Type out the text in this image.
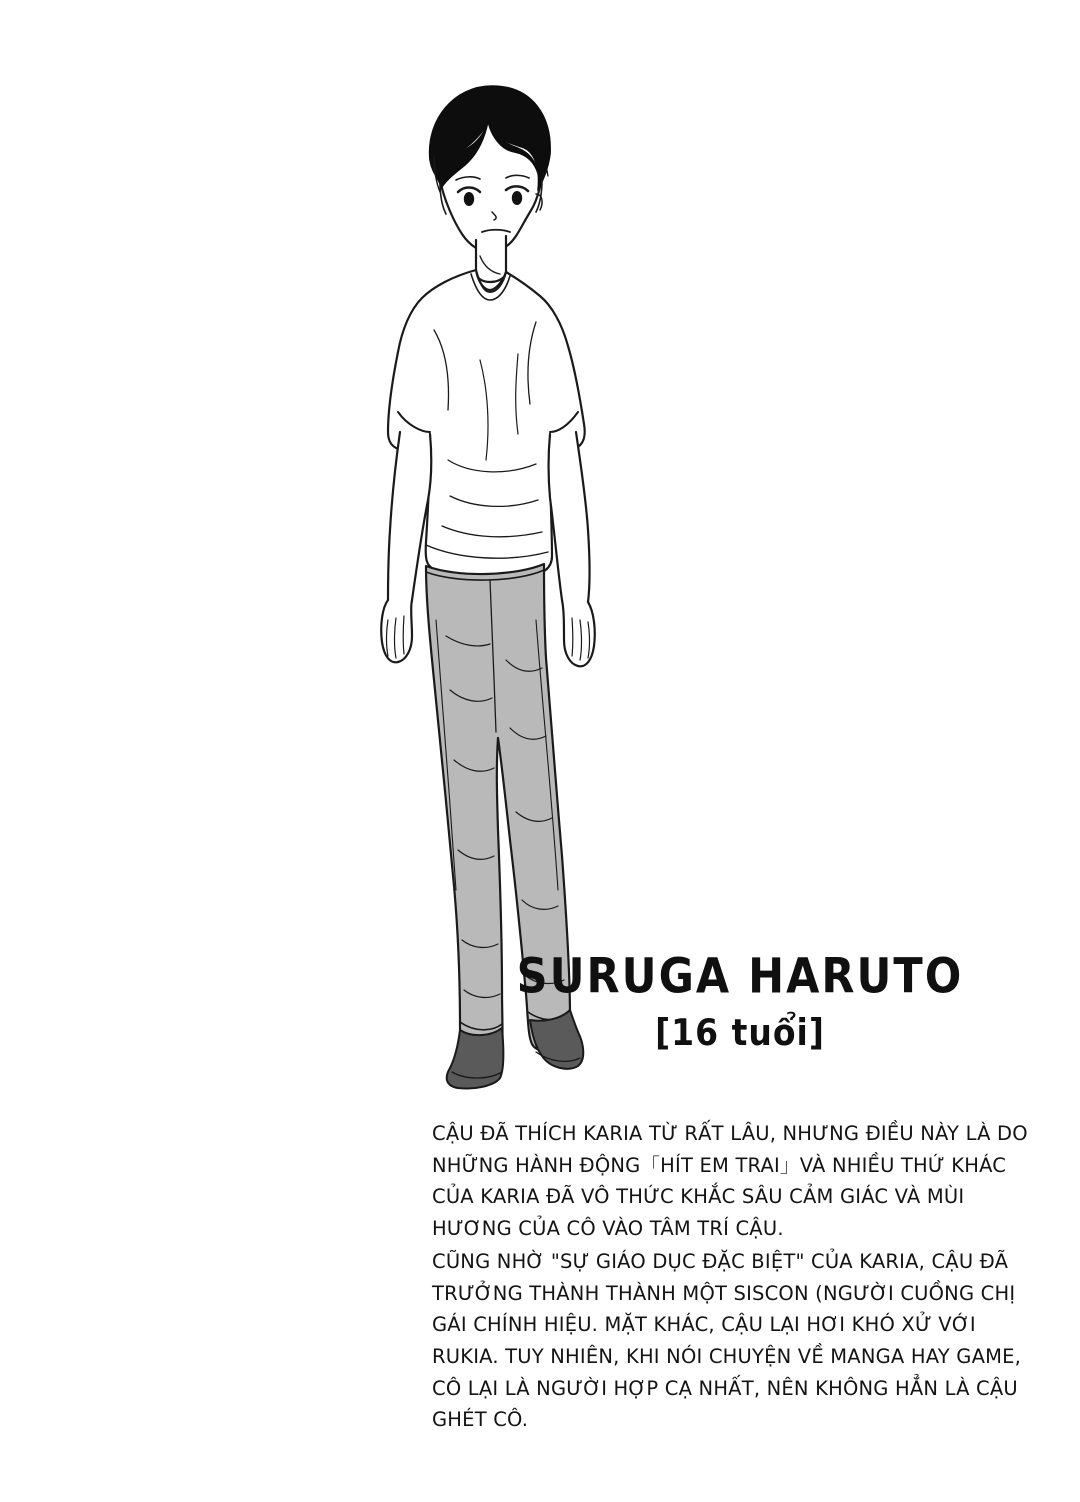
SURUGA HARUTO
[16 tuổi]

CẬU ĐÃ THÍCH KARIA TỪ RẤT LÂU, NHƯNG ĐIỀU NÀY LÀ DO NHỮNG HÀNH ĐỘNG「HÍT EM TRAI」VÀ NHIỀU THỨ KHÁC CỦA KARIA ĐÃ VÔ THỨC KHẮC SÂU CẢM GIÁC VÀ MÙI HƯƠNG CỦA CÔ VÀO TÂM TRÍ CẬU.

CŨNG NHỜ "SỰ GIÁO DỤC ĐẶC BIỆT" CỦA KARIA, CẬU ĐÃ TRƯỞNG THÀNH THÀNH MỘT SISCON (NGƯỜI CUỒNG CHỊ GÁI CHÍNH HIỆU. MẶT KHÁC, CẬU LẠI HƠI KHÓ XỬ VỚI RUKIA. TUY NHIÊN, KHI NÓI CHUYỆN VỀ MANGA HAY GAME, CÔ LẠI LÀ NGƯỜI HỢP CẠ NHẤT, NÊN KHÔNG HẲN LÀ CẬU GHÉT CÔ.
